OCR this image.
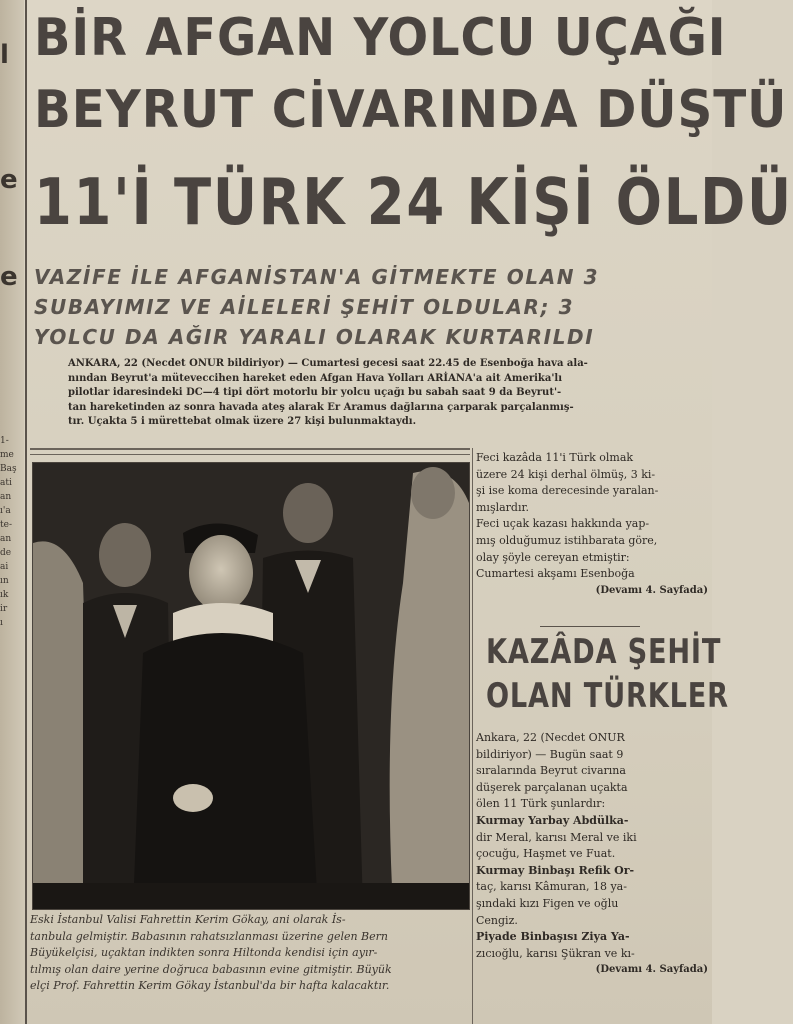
l
e
e
1-
me
Baş
ati
an
ı'a
te-
an
de
ai
ın
ık
ir
ı
BİR AFGAN YOLCU UÇAĞI
BEYRUT CİVARINDA DÜŞTÜ
11'İ TÜRK 24 KİŞİ ÖLDÜ
VAZİFE İLE AFGANİSTAN'A GİTMEKTE OLAN 3
SUBAYIMIZ VE AİLELERİ ŞEHİT OLDULAR; 3
YOLCU DA AĞIR YARALI OLARAK KURTARILDI
ANKARA, 22 (Necdet ONUR bildiriyor) — Cumartesi gecesi saat 22.45 de Esenboğa hava ala-
nından Beyrut'a müteveccihen hareket eden Afgan Hava Yolları ARİANA'a ait Amerika'lı
pilotlar idaresindeki DC—4 tipi dört motorlu bir yolcu uçağı bu sabah saat 9 da Beyrut'-
tan hareketinden az sonra havada ateş alarak Er Aramus dağlarına çarparak parçalanmış-
tır. Uçakta 5 i mürettebat olmak üzere 27 kişi bulunmaktaydı.
Eski İstanbul Valisi Fahrettin Kerim Gökay, ani olarak İs-
tanbula gelmiştir. Babasının rahatsızlanması üzerine gelen Bern
Büyükelçisi, uçaktan indikten sonra Hiltonda kendisi için ayır-
tılmış olan daire yerine doğruca babasının evine gitmiştir. Büyük
elçi Prof. Fahrettin Kerim Gökay İstanbul'da bir hafta kalacaktır.
Feci kazâda 11'i Türk olmak
üzere 24 kişi derhal ölmüş, 3 ki-
şi ise koma derecesinde yaralan-
mışlardır.
Feci uçak kazası hakkında yap-
mış olduğumuz istihbarata göre,
olay şöyle cereyan etmiştir:
Cumartesi akşamı Esenboğa
(Devamı 4. Sayfada)
KAZÂDA ŞEHİT
OLAN TÜRKLER
Ankara, 22 (Necdet ONUR
bildiriyor) — Bugün saat 9
sıralarında Beyrut civarına
düşerek parçalanan uçakta
ölen 11 Türk şunlardır:
Kurmay Yarbay Abdülka-
dir Meral, karısı Meral ve iki
çocuğu, Haşmet ve Fuat.
Kurmay Binbaşı Refik Or-
taç, karısı Kâmuran, 18 ya-
şındaki kızı Figen ve oğlu
Cengiz.
Piyade Binbaşısı Ziya Ya-
zıcıoğlu, karısı Şükran ve kı-
(Devamı 4. Sayfada)
